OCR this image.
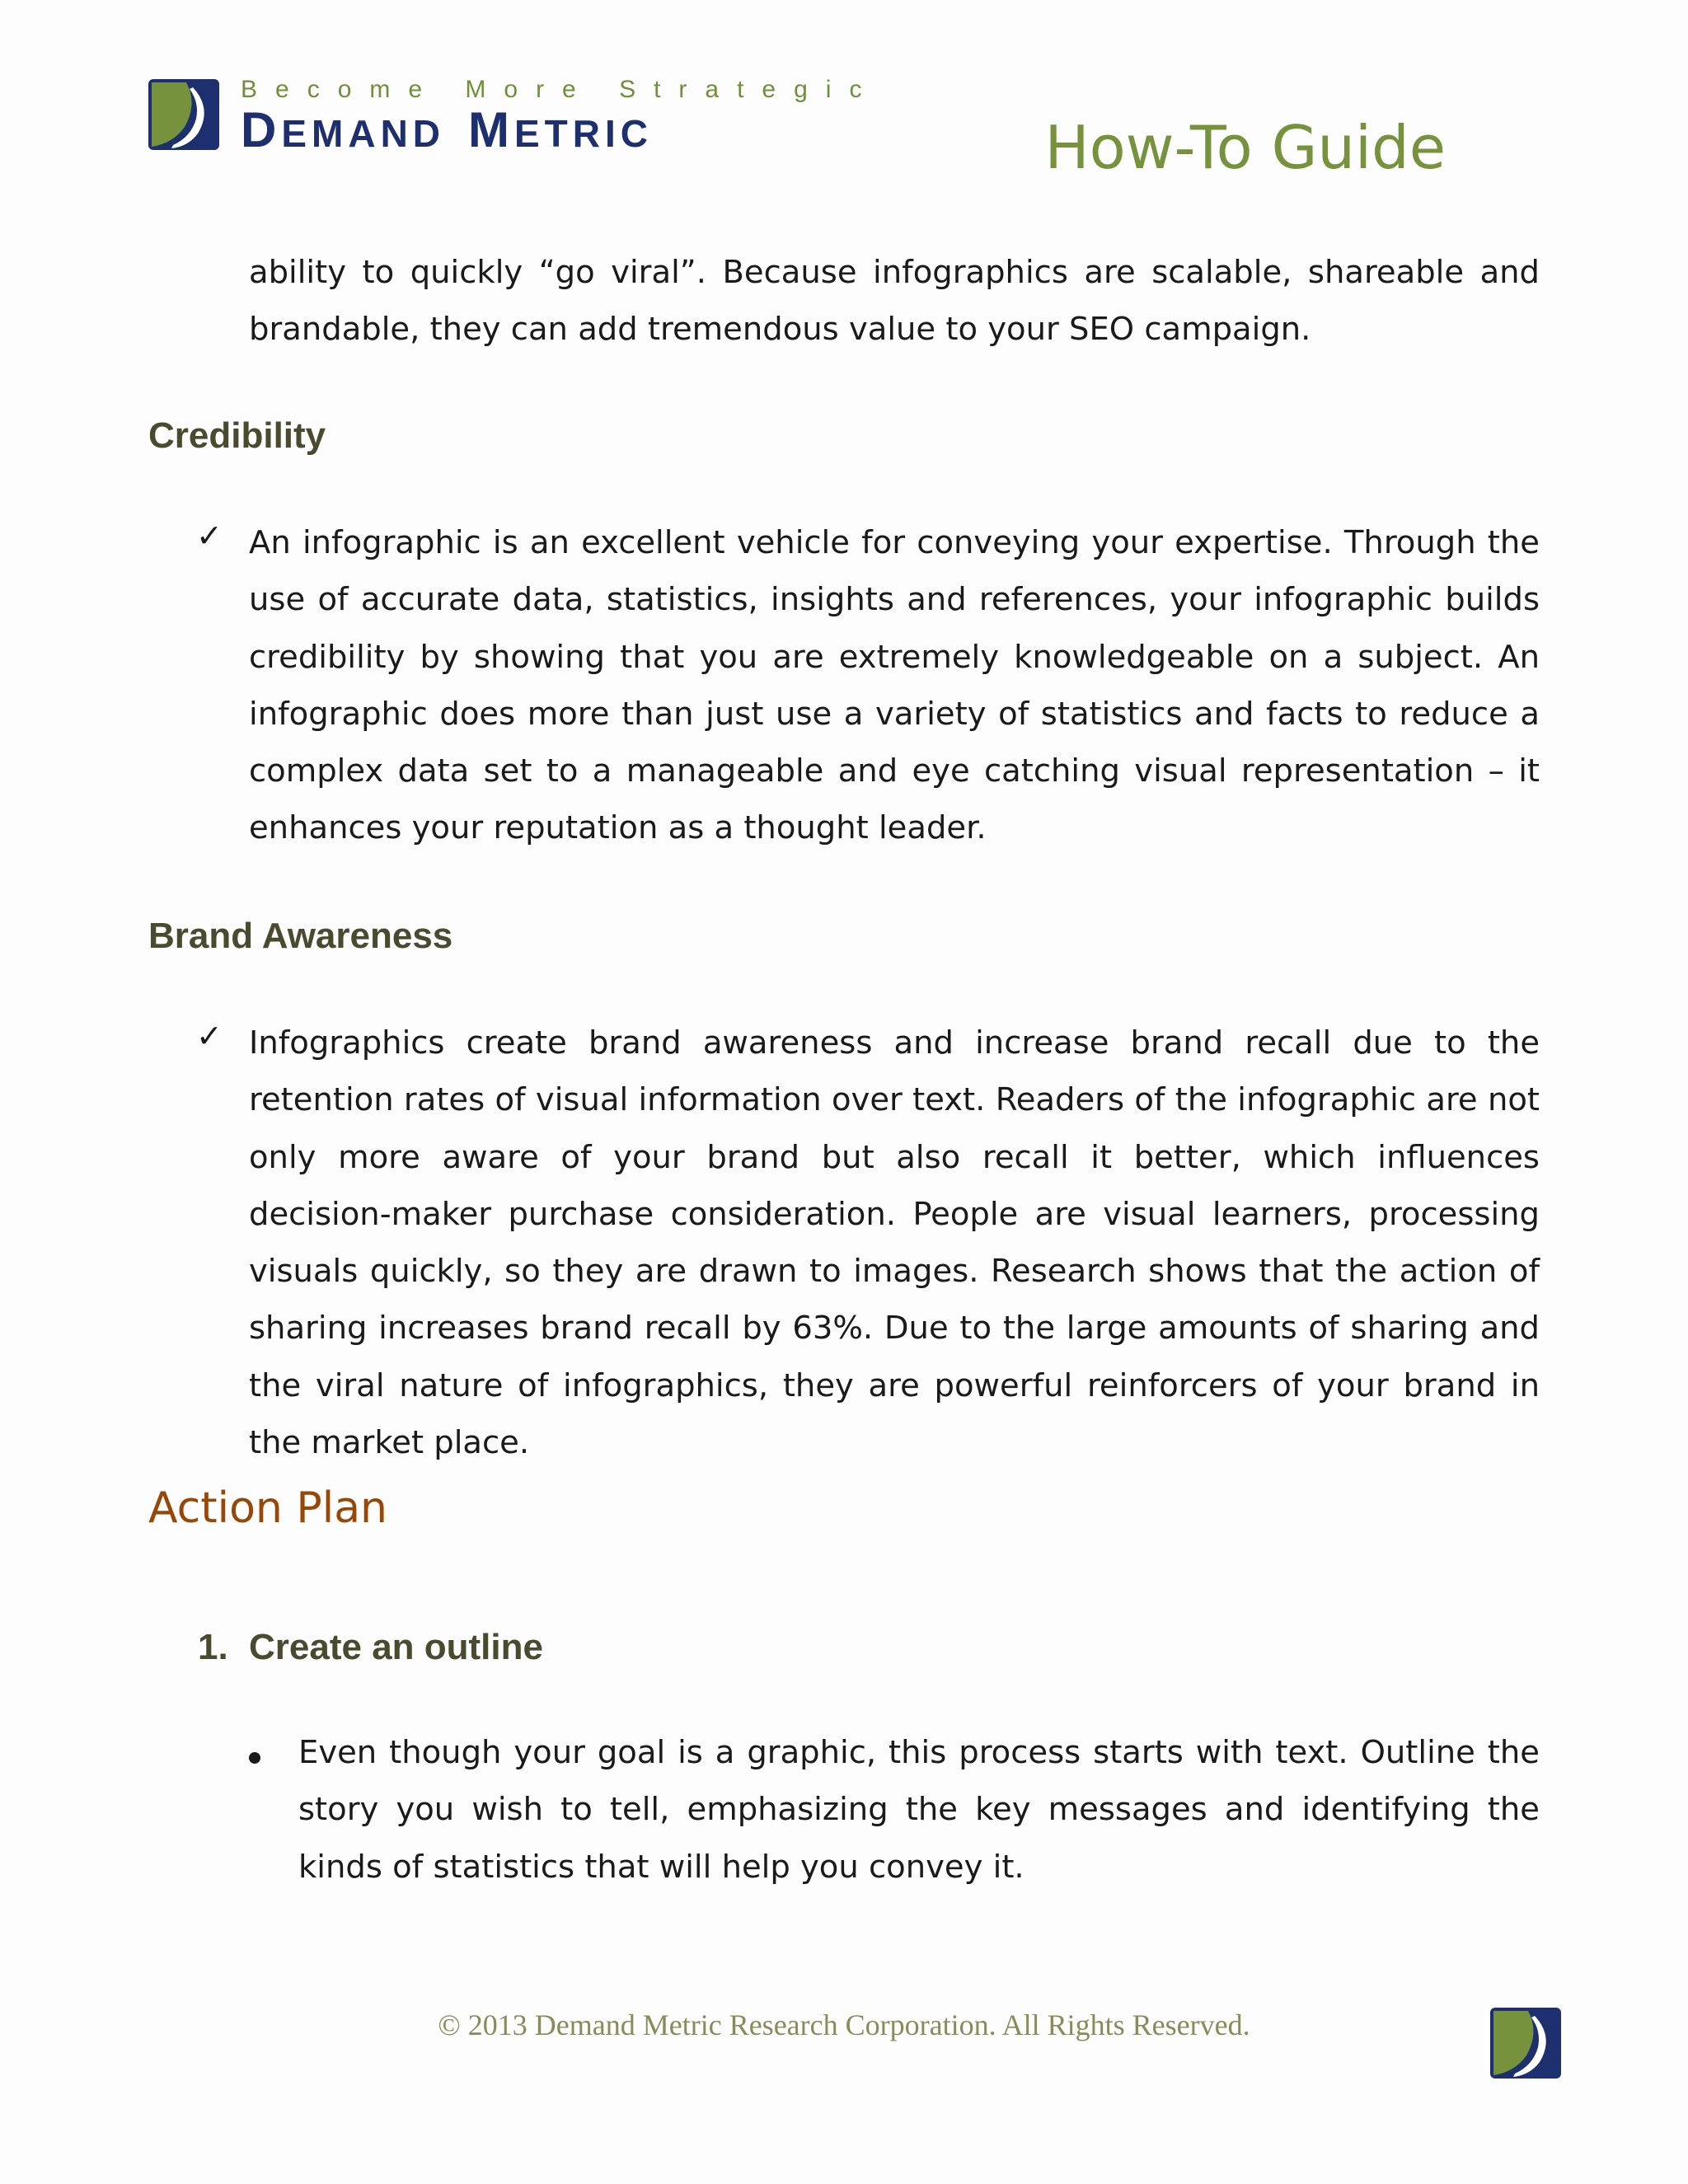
Become More Strategic
DEMAND METRIC	How-To Guide
ability to quickly “go viral”. Because infographics are scalable, shareable and brandable, they can add tremendous value to your SEO campaign.
Credibility
✓ An infographic is an excellent vehicle for conveying your expertise. Through the use of accurate data, statistics, insights and references, your infographic builds credibility by showing that you are extremely knowledgeable on a subject. An infographic does more than just use a variety of statistics and facts to reduce a complex data set to a manageable and eye catching visual representation – it enhances your reputation as a thought leader.
Brand Awareness
✓ Infographics create brand awareness and increase brand recall due to the retention rates of visual information over text. Readers of the infographic are not only more aware of your brand but also recall it better, which influences decision-maker purchase consideration. People are visual learners, processing visuals quickly, so they are drawn to images. Research shows that the action of sharing increases brand recall by 63%. Due to the large amounts of sharing and the viral nature of infographics, they are powerful reinforcers of your brand in the market place.
Action Plan
1. Create an outline
Even though your goal is a graphic, this process starts with text. Outline the story you wish to tell, emphasizing the key messages and identifying the kinds of statistics that will help you convey it.
© 2013 Demand Metric Research Corporation. All Rights Reserved.
